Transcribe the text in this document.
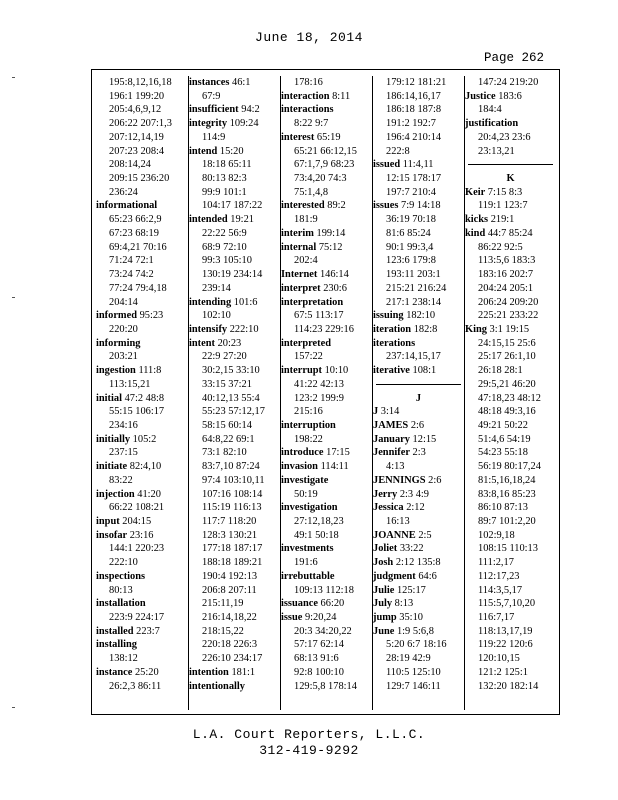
June 18, 2014
Page 262
195:8,12,16,18
196:1 199:20
205:4,6,9,12
206:22 207:1,3
207:12,14,19
207:23 208:4
208:14,24
209:15 236:20
236:24
informational
65:23 66:2,9
67:23 68:19
69:4,21 70:16
71:24 72:1
73:24 74:2
77:24 79:4,18
204:14
informed 95:23
220:20
informing
203:21
ingestion 111:8
113:15,21
initial 47:2 48:8
55:15 106:17
234:16
initially 105:2
237:15
initiate 82:4,10
83:22
injection 41:20
66:22 108:21
input 204:15
insofar 23:16
144:1 220:23
222:10
inspections
80:13
installation
223:9 224:17
installed 223:7
installing
138:12
instance 25:20
26:2,3 86:11
instances 46:1
67:9
insufficient 94:2
integrity 109:24
114:9
intend 15:20
18:18 65:11
80:13 82:3
99:9 101:1
104:17 187:22
intended 19:21
22:22 56:9
68:9 72:10
99:3 105:10
130:19 234:14
239:14
intending 101:6
102:10
intensify 222:10
intent 20:23
22:9 27:20
30:2,15 33:10
33:15 37:21
40:12,13 55:4
55:23 57:12,17
58:15 60:14
64:8,22 69:1
73:1 82:10
83:7,10 87:24
97:4 103:10,11
107:16 108:14
115:19 116:13
117:7 118:20
128:3 130:21
177:18 187:17
188:18 189:21
190:4 192:13
206:8 207:11
215:11,19
216:14,18,22
218:15,22
220:18 226:3
226:10 234:17
intention 181:1
intentionally
178:16
interaction 8:11
interactions
8:22 9:7
interest 65:19
65:21 66:12,15
67:1,7,9 68:23
73:4,20 74:3
75:1,4,8
interested 89:2
181:9
interim 199:14
internal 75:12
202:4
Internet 146:14
interpret 230:6
interpretation
67:5 113:17
114:23 229:16
interpreted
157:22
interrupt 10:10
41:22 42:13
123:2 199:9
215:16
interruption
198:22
introduce 17:15
invasion 114:11
investigate
50:19
investigation
27:12,18,23
49:1 50:18
investments
191:6
irrebuttable
109:13 112:18
issuance 66:20
issue 9:20,24
20:3 34:20,22
57:17 62:14
68:13 91:6
92:8 100:10
129:5,8 178:14
179:12 181:21
186:14,16,17
186:18 187:8
191:2 192:7
196:4 210:14
222:8
issued 11:4,11
12:15 178:17
197:7 210:4
issues 7:9 14:18
36:19 70:18
81:6 85:24
90:1 99:3,4
123:6 179:8
193:11 203:1
215:21 216:24
217:1 238:14
issuing 182:10
iteration 182:8
iterations
237:14,15,17
iterative 108:1
J
J 3:14
JAMES 2:6
January 12:15
Jennifer 2:3
4:13
JENNINGS 2:6
Jerry 2:3 4:9
Jessica 2:12
16:13
JOANNE 2:5
Joliet 33:22
Josh 2:12 135:8
judgment 64:6
Julie 125:17
July 8:13
jump 35:10
June 1:9 5:6,8
5:20 6:7 18:16
28:19 42:9
110:5 125:10
129:7 146:11
147:24 219:20
Justice 183:6
184:4
justification
20:4,23 23:6
23:13,21
K
Keir 7:15 8:3
119:1 123:7
kicks 219:1
kind 44:7 85:24
86:22 92:5
113:5,6 183:3
183:16 202:7
204:24 205:1
206:24 209:20
225:21 233:22
King 3:1 19:15
24:15,15 25:6
25:17 26:1,10
26:18 28:1
29:5,21 46:20
47:18,23 48:12
48:18 49:3,16
49:21 50:22
51:4,6 54:19
54:23 55:18
56:19 80:17,24
81:5,16,18,24
83:8,16 85:23
86:10 87:13
89:7 101:2,20
102:9,18
108:15 110:13
111:2,17
112:17,23
114:3,5,17
115:5,7,10,20
116:7,17
118:13,17,19
119:22 120:6
120:10,15
121:2 125:1
132:20 182:14
L.A. Court Reporters, L.L.C.
312-419-9292
